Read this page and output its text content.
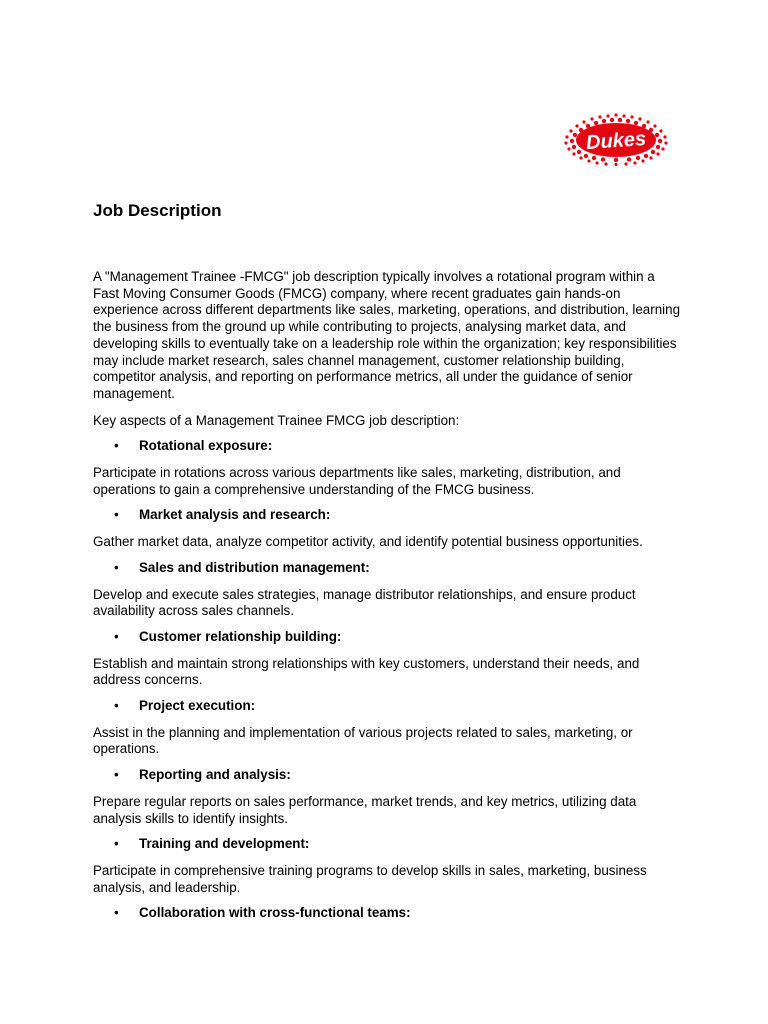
Dukes
Job Description

A "Management Trainee -FMCG" job description typically involves a rotational program within a Fast Moving Consumer Goods (FMCG) company, where recent graduates gain hands-on experience across different departments like sales, marketing, operations, and distribution, learning the business from the ground up while contributing to projects, analysing market data, and developing skills to eventually take on a leadership role within the organization; key responsibilities may include market research, sales channel management, customer relationship building, competitor analysis, and reporting on performance metrics, all under the guidance of senior management.

Key aspects of a Management Trainee FMCG job description:

• Rotational exposure:

Participate in rotations across various departments like sales, marketing, distribution, and operations to gain a comprehensive understanding of the FMCG business.

• Market analysis and research:

Gather market data, analyze competitor activity, and identify potential business opportunities.

• Sales and distribution management:

Develop and execute sales strategies, manage distributor relationships, and ensure product availability across sales channels.

• Customer relationship building:

Establish and maintain strong relationships with key customers, understand their needs, and address concerns.

• Project execution:

Assist in the planning and implementation of various projects related to sales, marketing, or operations.

• Reporting and analysis:

Prepare regular reports on sales performance, market trends, and key metrics, utilizing data analysis skills to identify insights.

• Training and development:

Participate in comprehensive training programs to develop skills in sales, marketing, business analysis, and leadership.

• Collaboration with cross-functional teams:
